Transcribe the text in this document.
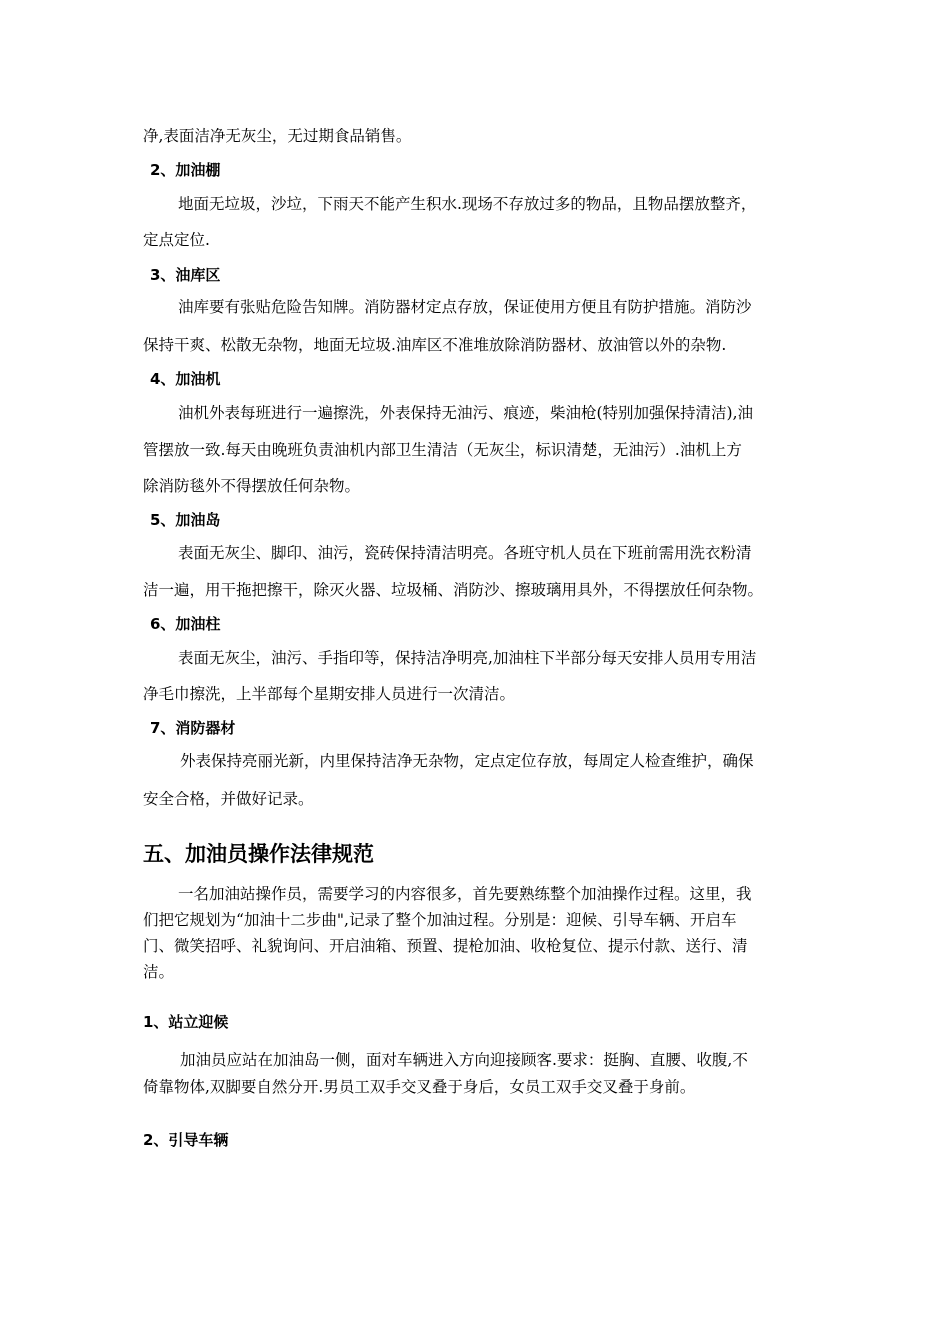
净,表面洁净无灰尘，无过期食品销售。
2、加油棚
地面无垃圾，沙垃，下雨天不能产生积水.现场不存放过多的物品，且物品摆放整齐，
定点定位.
3、油库区
油库要有张贴危险告知牌。消防器材定点存放，保证使用方便且有防护措施。消防沙
保持干爽、松散无杂物，地面无垃圾.油库区不准堆放除消防器材、放油管以外的杂物.
4、加油机
油机外表每班进行一遍擦洗，外表保持无油污、痕迹，柴油枪(特别加强保持清洁),油
管摆放一致.每天由晚班负责油机内部卫生清洁（无灰尘，标识清楚，无油污）.油机上方
除消防毯外不得摆放任何杂物。
5、加油岛
表面无灰尘、脚印、油污，瓷砖保持清洁明亮。各班守机人员在下班前需用洗衣粉清
洁一遍，用干拖把擦干，除灭火器、垃圾桶、消防沙、擦玻璃用具外，不得摆放任何杂物。
6、加油柱
表面无灰尘，油污、手指印等，保持洁净明亮,加油柱下半部分每天安排人员用专用洁
净毛巾擦洗，上半部每个星期安排人员进行一次清洁。
7、消防器材
外表保持亮丽光新，内里保持洁净无杂物，定点定位存放，每周定人检查维护，确保
安全合格，并做好记录。
五、加油员操作法律规范
一名加油站操作员，需要学习的内容很多，首先要熟练整个加油操作过程。这里，我
们把它规划为“加油十二步曲",记录了整个加油过程。分别是：迎候、引导车辆、开启车
门、微笑招呼、礼貌询问、开启油箱、预置、提枪加油、收枪复位、提示付款、送行、清
洁。
1、站立迎候
加油员应站在加油岛一侧，面对车辆进入方向迎接顾客.要求：挺胸、直腰、收腹,不
倚靠物体,双脚要自然分开.男员工双手交叉叠于身后，女员工双手交叉叠于身前。
2、引导车辆
